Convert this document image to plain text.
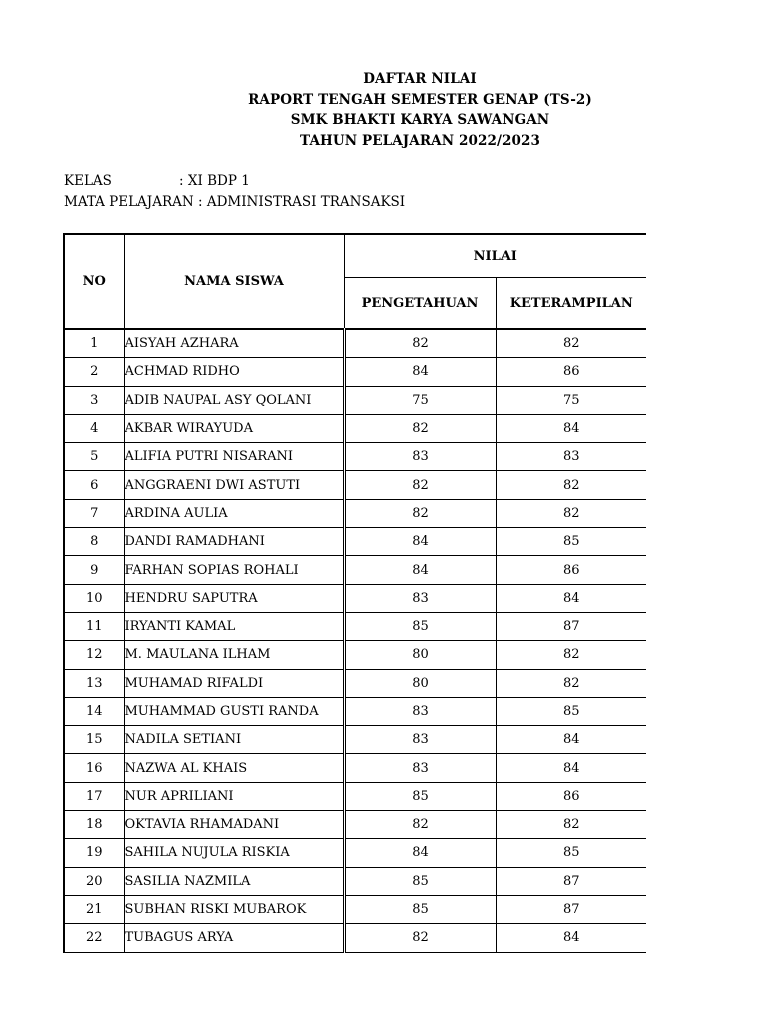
DAFTAR NILAI
RAPORT TENGAH SEMESTER GENAP (TS-2)
SMK BHAKTI KARYA SAWANGAN
TAHUN PELAJARAN 2022/2023
KELAS	: XI BDP 1
MATA PELAJARAN : ADMINISTRASI TRANSAKSI
NO	NAMA SISWA	NILAI	
		PENGETAHUAN	KETERAMPILAN
1	AISYAH AZHARA	82	82
2	ACHMAD RIDHO	84	86
3	ADIB NAUPAL ASY QOLANI	75	75
4	AKBAR WIRAYUDA	82	84
5	ALIFIA PUTRI NISARANI	83	83
6	ANGGRAENI DWI ASTUTI	82	82
7	ARDINA AULIA	82	82
8	DANDI RAMADHANI	84	85
9	FARHAN SOPIAS ROHALI	84	86
10	HENDRU SAPUTRA	83	84
11	IRYANTI KAMAL	85	87
12	M. MAULANA ILHAM	80	82
13	MUHAMAD RIFALDI	80	82
14	MUHAMMAD GUSTI RANDA	83	85
15	NADILA SETIANI	83	84
16	NAZWA AL KHAIS	83	84
17	NUR APRILIANI	85	86
18	OKTAVIA RHAMADANI	82	82
19	SAHILA NUJULA RISKIA	84	85
20	SASILIA NAZMILA	85	87
21	SUBHAN RISKI MUBAROK	85	87
22	TUBAGUS ARYA	82	84
